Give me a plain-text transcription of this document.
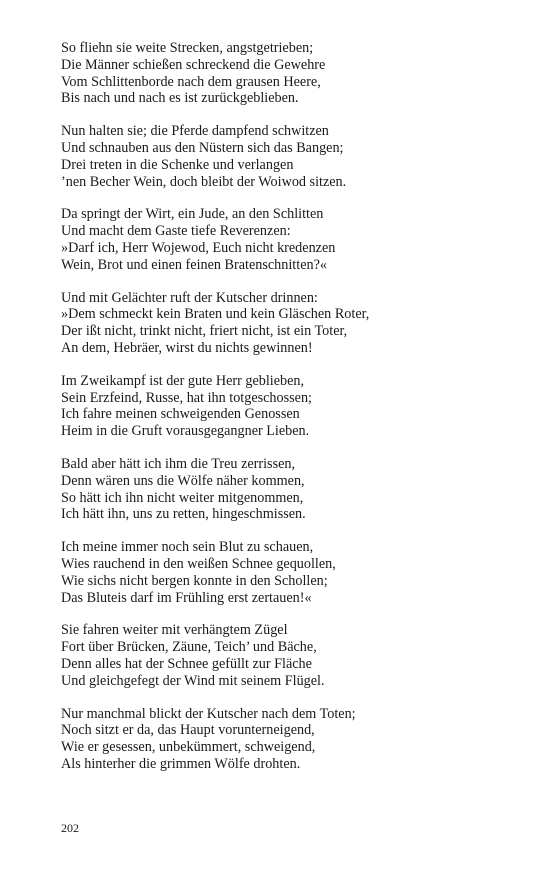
So fliehn sie weite Strecken, angstgetrieben;
Die Männer schießen schreckend die Gewehre
Vom Schlittenborde nach dem grausen Heere,
Bis nach und nach es ist zurückgeblieben.
Nun halten sie; die Pferde dampfend schwitzen
Und schnauben aus den Nüstern sich das Bangen;
Drei treten in die Schenke und verlangen
’nen Becher Wein, doch bleibt der Woiwod sitzen.
Da springt der Wirt, ein Jude, an den Schlitten
Und macht dem Gaste tiefe Reverenzen:
»Darf ich, Herr Wojewod, Euch nicht kredenzen
Wein, Brot und einen feinen Bratenschnitten?«
Und mit Gelächter ruft der Kutscher drinnen:
»Dem schmeckt kein Braten und kein Gläschen Roter,
Der ißt nicht, trinkt nicht, friert nicht, ist ein Toter,
An dem, Hebräer, wirst du nichts gewinnen!
Im Zweikampf ist der gute Herr geblieben,
Sein Erzfeind, Russe, hat ihn totgeschossen;
Ich fahre meinen schweigenden Genossen
Heim in die Gruft vorausgegangner Lieben.
Bald aber hätt ich ihm die Treu zerrissen,
Denn wären uns die Wölfe näher kommen,
So hätt ich ihn nicht weiter mitgenommen,
Ich hätt ihn, uns zu retten, hingeschmissen.
Ich meine immer noch sein Blut zu schauen,
Wies rauchend in den weißen Schnee gequollen,
Wie sichs nicht bergen konnte in den Schollen;
Das Bluteis darf im Frühling erst zertauen!«
Sie fahren weiter mit verhängtem Zügel
Fort über Brücken, Zäune, Teich’ und Bäche,
Denn alles hat der Schnee gefüllt zur Fläche
Und gleichgefegt der Wind mit seinem Flügel.
Nur manchmal blickt der Kutscher nach dem Toten;
Noch sitzt er da, das Haupt vorunterneigend,
Wie er gesessen, unbekümmert, schweigend,
Als hinterher die grimmen Wölfe drohten.
202
